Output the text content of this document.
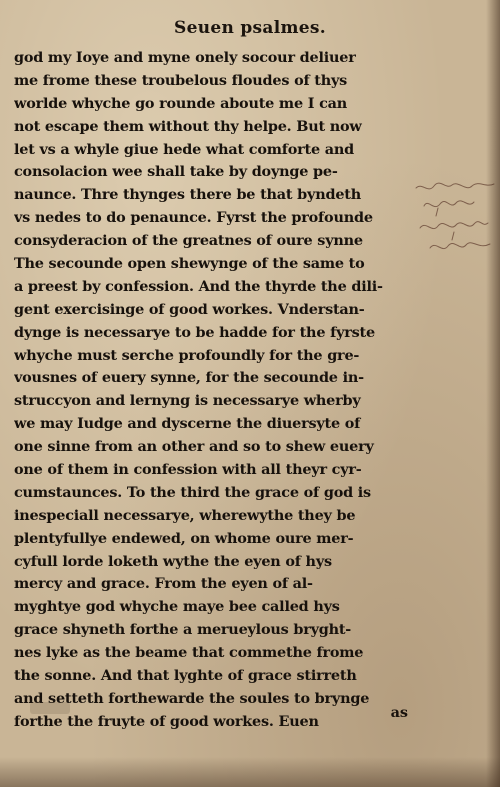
Seuen psalmes.
god my Ioye and myne onely socour deliuer
me frome these troubelous floudes of thys
worlde whyche go rounde aboute me I can
not escape them without thy helpe. But now
let vs a whyle giue hede what comforte and
consolacion wee shall take by doynge pe-
naunce. Thre thynges there be that byndeth
vs nedes to do penaunce. Fyrst the profounde
consyderacion of the greatnes of oure synne
The secounde open shewynge of the same to
a preest by confession. And the thyrde the dili-
gent exercisinge of good workes. Vnderstan-
dynge is necessarye to be hadde for the fyrste
whyche must serche profoundly for the gre-
vousnes of euery synne, for the secounde in-
struccyon and lernyng is necessarye wherby
we may Iudge and dyscerne the diuersyte of
one sinne from an other and so to shew euery
one of them in confession with all theyr cyr-
cumstaunces. To the third the grace of god is
inespeciall necessarye, wherewythe they be
plentyfullye endewed, on whome oure mer-
cyfull lorde loketh wythe the eyen of hys
mercy and grace. From the eyen of al-
myghtye god whyche maye bee called hys
grace shyneth forthe a merueylous bryght-
nes lyke as the beame that commethe frome
the sonne. And that lyghte of grace stirreth
and setteth forthewarde the soules to brynge
forthe the fruyte of good workes. Euen
as
